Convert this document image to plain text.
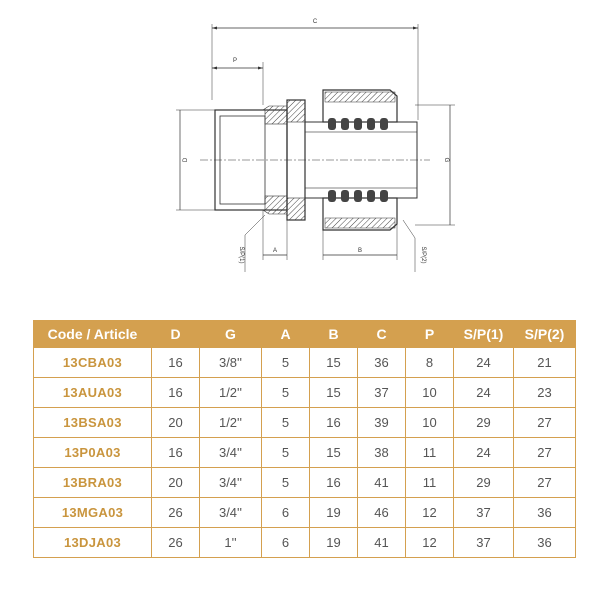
C
P
D	G
A	B
S/P(1)	S/P(2)
Code / Article	D	G	A	B	C	P	S/P(1)	S/P(2)
13CBA03	16	3/8''	5	15	36	8	24	21
13AUA03	16	1/2''	5	15	37	10	24	23
13BSA03	20	1/2''	5	16	39	10	29	27
13P0A03	16	3/4''	5	15	38	11	24	27
13BRA03	20	3/4''	5	16	41	11	29	27
13MGA03	26	3/4''	6	19	46	12	37	36
13DJA03	26	1''	6	19	41	12	37	36
